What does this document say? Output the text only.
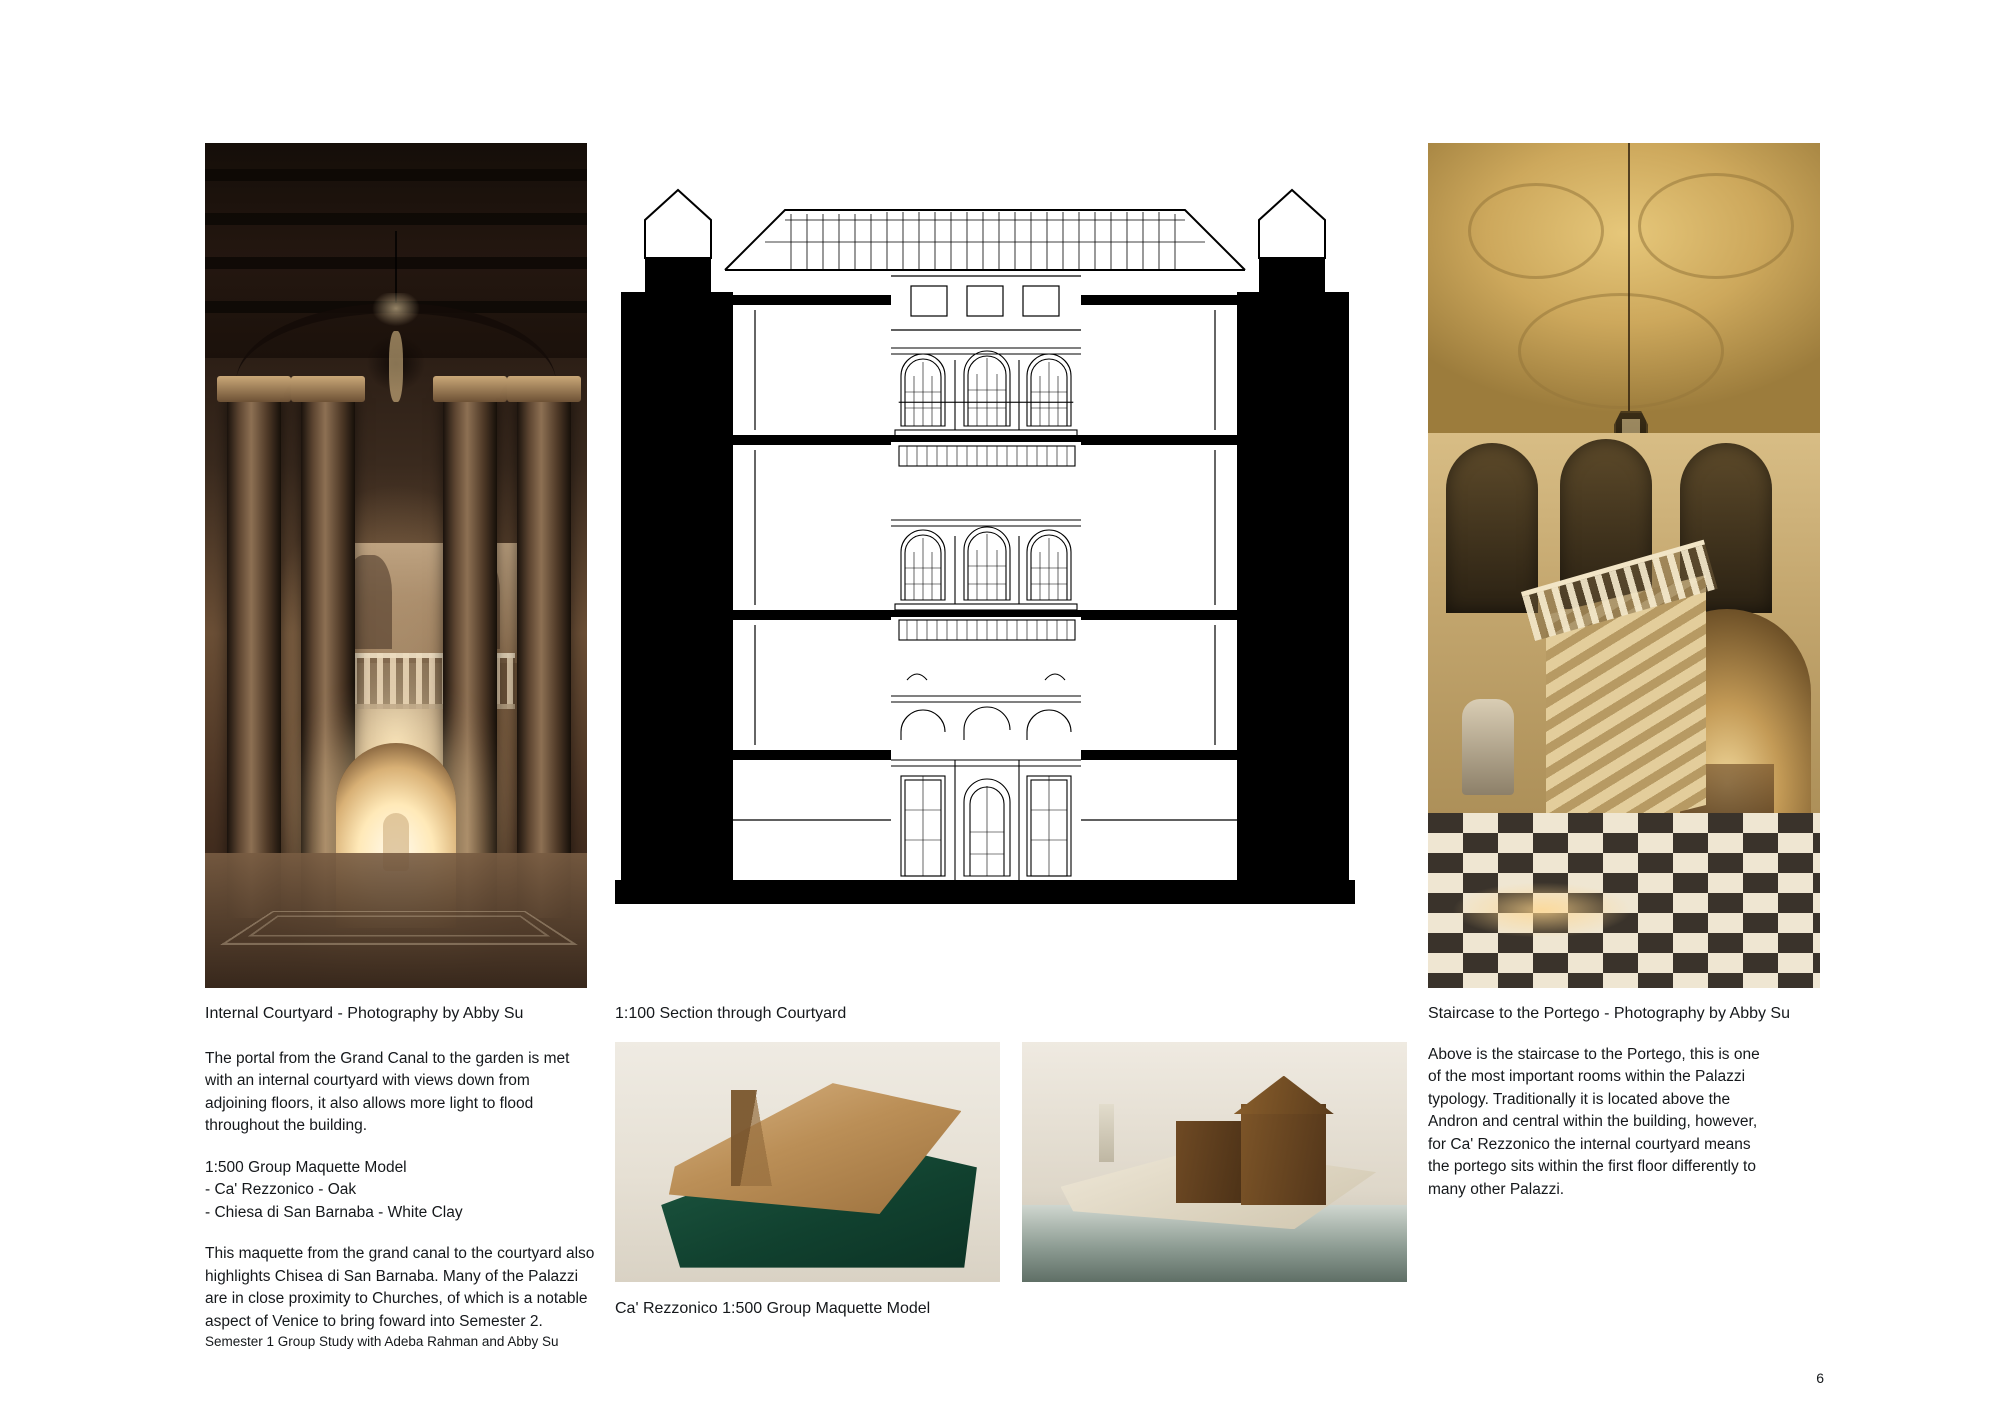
Internal Courtyard - Photography by Abby Su	1:100 Section through Courtyard	Staircase to the Portego - Photography by Abby Su
Ca' Rezzonico 1:500 Group Maquette Model

The portal from the Grand Canal to the garden is met with an internal courtyard with views down from adjoining floors, it also allows more light to flood throughout the building.

1:500 Group Maquette Model
- Ca' Rezzonico - Oak
- Chiesa di San Barnaba - White Clay

This maquette from the grand canal to the courtyard also highlights Chisea di San Barnaba. Many of the Palazzi are in close proximity to Churches, of which is a notable aspect of Venice to bring foward into Semester 2.

Above is the staircase to the Portego, this is one of the most important rooms within the Palazzi typology. Traditionally it is located above the Andron and central within the building, however, for Ca' Rezzonico the internal courtyard means the portego sits within the first floor differently to many other Palazzi.

Semester 1 Group Study with Adeba Rahman and Abby Su
6
